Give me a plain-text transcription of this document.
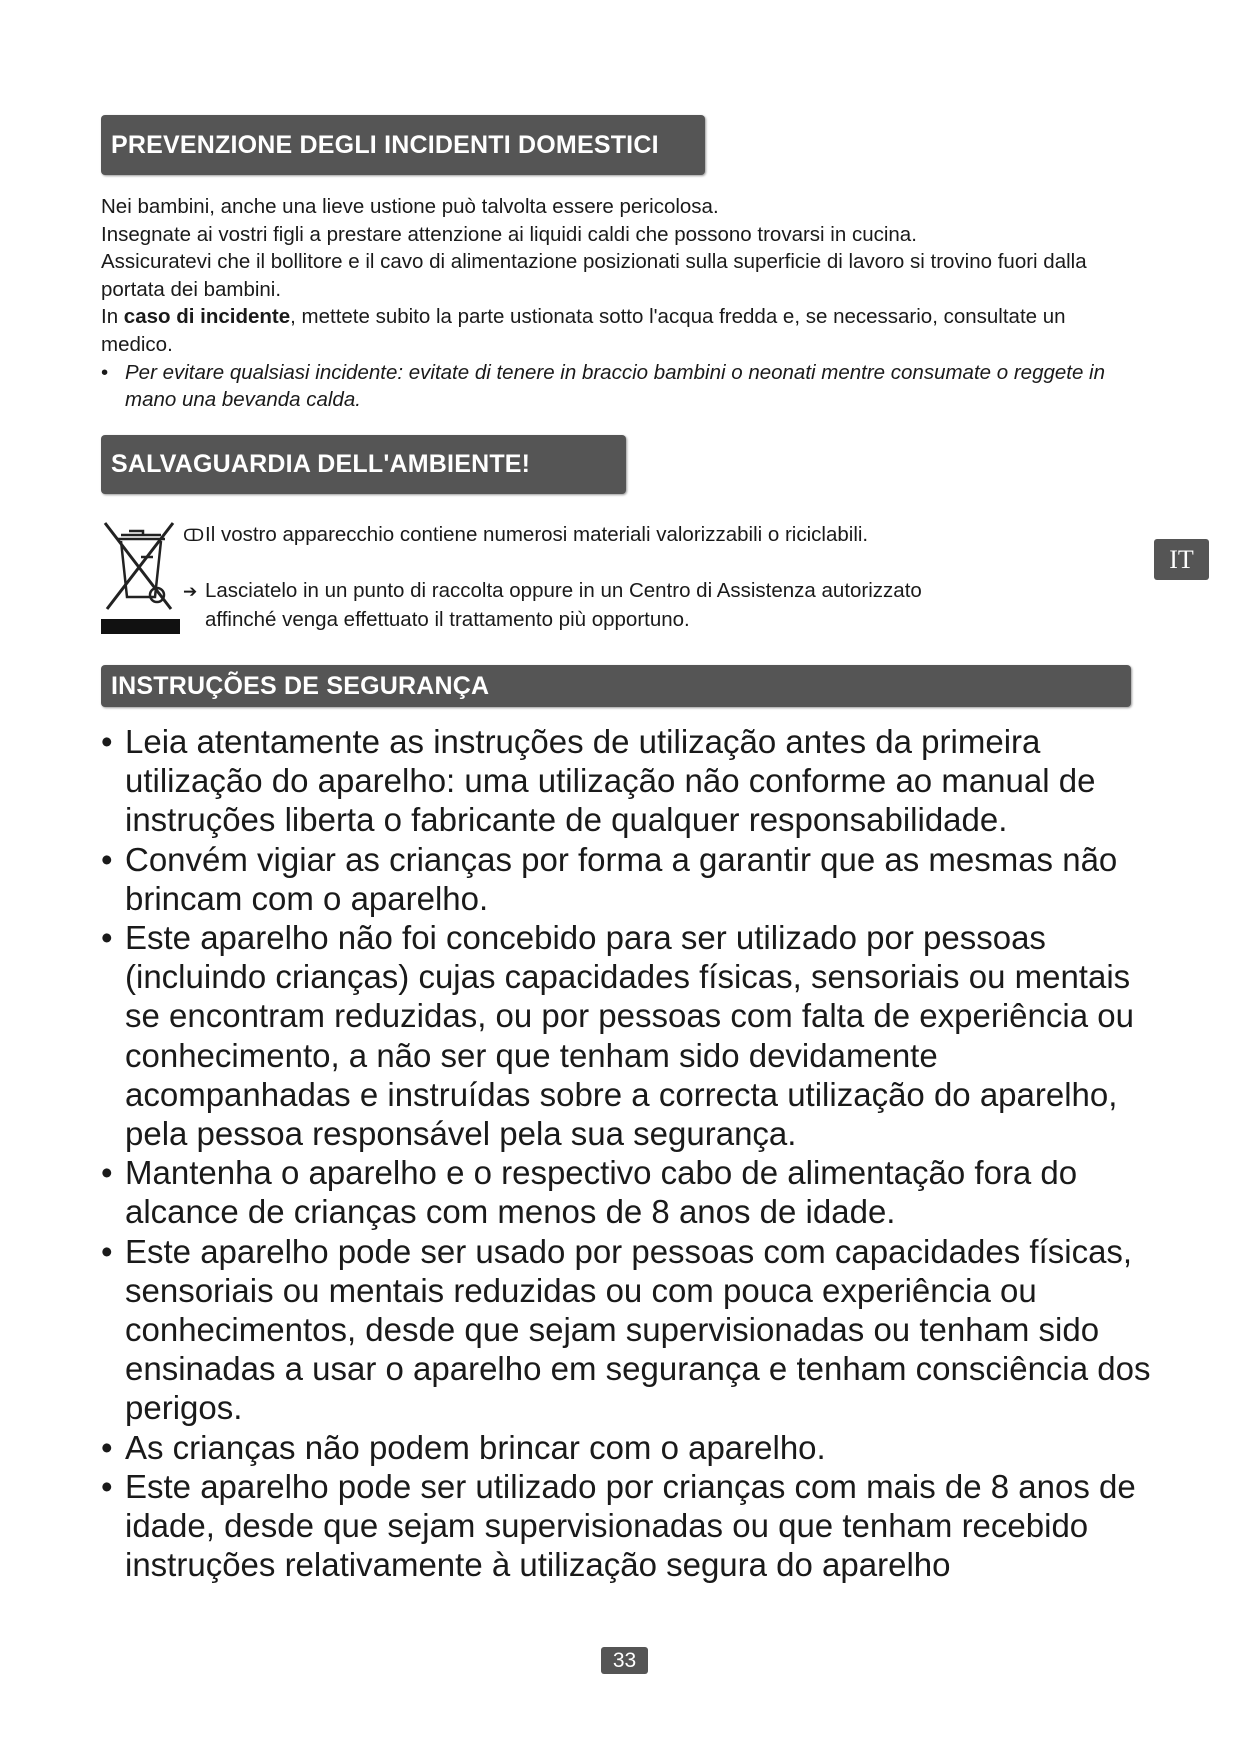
PREVENZIONE DEGLI INCIDENTI DOMESTICI

Nei bambini, anche una lieve ustione può talvolta essere pericolosa.

Insegnate ai vostri figli a prestare attenzione ai liquidi caldi che possono trovarsi in cucina.

Assicuratevi che il bollitore e il cavo di alimentazione posizionati sulla superficie di lavoro si trovino fuori dalla portata dei bambini.

In caso di incidente, mettete subito la parte ustionata sotto l'acqua fredda e, se necessario, consultate un medico.

• Per evitare qualsiasi incidente: evitate di tenere in braccio bambini o neonati mentre consumate o reggete in mano una bevanda calda.

SALVAGUARDIA DELL'AMBIENTE!
ↀIl vostro apparecchio contiene numerosi materiali valorizzabili o riciclabili.
➔ Lasciatelo in un punto di raccolta oppure in un Centro di Assistenza autorizzato affinché venga effettuato il trattamento più opportuno.
IT
INSTRUÇÕES DE SEGURANÇA
• Leia atentamente as instruções de utilização antes da primeira utilização do aparelho: uma utilização não conforme ao manual de instruções liberta o fabricante de qualquer responsabilidade.
• Convém vigiar as crianças por forma a garantir que as mesmas não brincam com o aparelho.
• Este aparelho não foi concebido para ser utilizado por pessoas (incluindo crianças) cujas capacidades físicas, sensoriais ou mentais se encontram reduzidas, ou por pessoas com falta de experiência ou conhecimento, a não ser que tenham sido devidamente acompanhadas e instruídas sobre a correcta utilização do aparelho, pela pessoa responsável pela sua segurança.
• Mantenha o aparelho e o respectivo cabo de alimentação fora do alcance de crianças com menos de 8 anos de idade.
• Este aparelho pode ser usado por pessoas com capacidades físicas, sensoriais ou mentais reduzidas ou com pouca experiência ou conhecimentos, desde que sejam supervisionadas ou tenham sido ensinadas a usar o aparelho em segurança e tenham consciência dos perigos.
• As crianças não podem brincar com o aparelho.
• Este aparelho pode ser utilizado por crianças com mais de 8 anos de idade, desde que sejam supervisionadas ou que tenham recebido instruções relativamente à utilização segura do aparelho
33
